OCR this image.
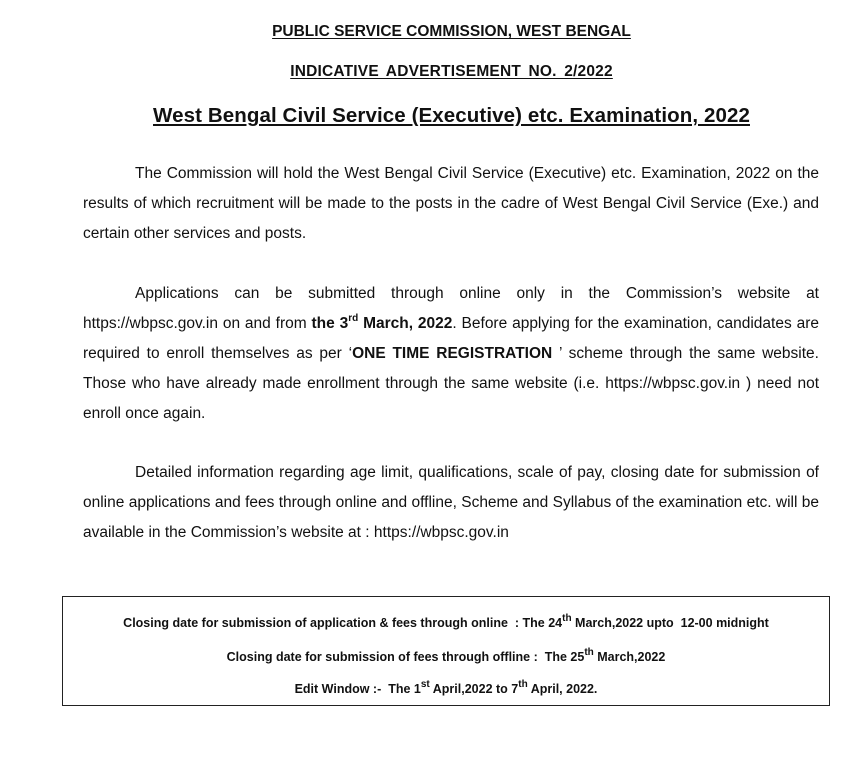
PUBLIC SERVICE COMMISSION, WEST BENGAL
INDICATIVE ADVERTISEMENT NO. 2/2022
West Bengal Civil Service (Executive) etc. Examination, 2022

The Commission will hold the West Bengal Civil Service (Executive) etc. Examination, 2022 on the results of which recruitment will be made to the posts in the cadre of West Bengal Civil Service (Exe.) and certain other services and posts.

Applications can be submitted through online only in the Commission’s website at https://wbpsc.gov.in on and from the 3rd March, 2022. Before applying for the examination, candidates are required to enroll themselves as per ‘ONE TIME REGISTRATION ’ scheme through the same website. Those who have already made enrollment through the same website (i.e. https://wbpsc.gov.in ) need not enroll once again.

Detailed information regarding age limit, qualifications, scale of pay, closing date for submission of online applications and fees through online and offline, Scheme and Syllabus of the examination etc. will be available in the Commission’s website at : https://wbpsc.gov.in

Closing date for submission of application & fees through online  : The 24th March,2022 upto  12-00 midnight
Closing date for submission of fees through offline :  The 25th March,2022
Edit Window :-  The 1st April,2022 to 7th April, 2022.
